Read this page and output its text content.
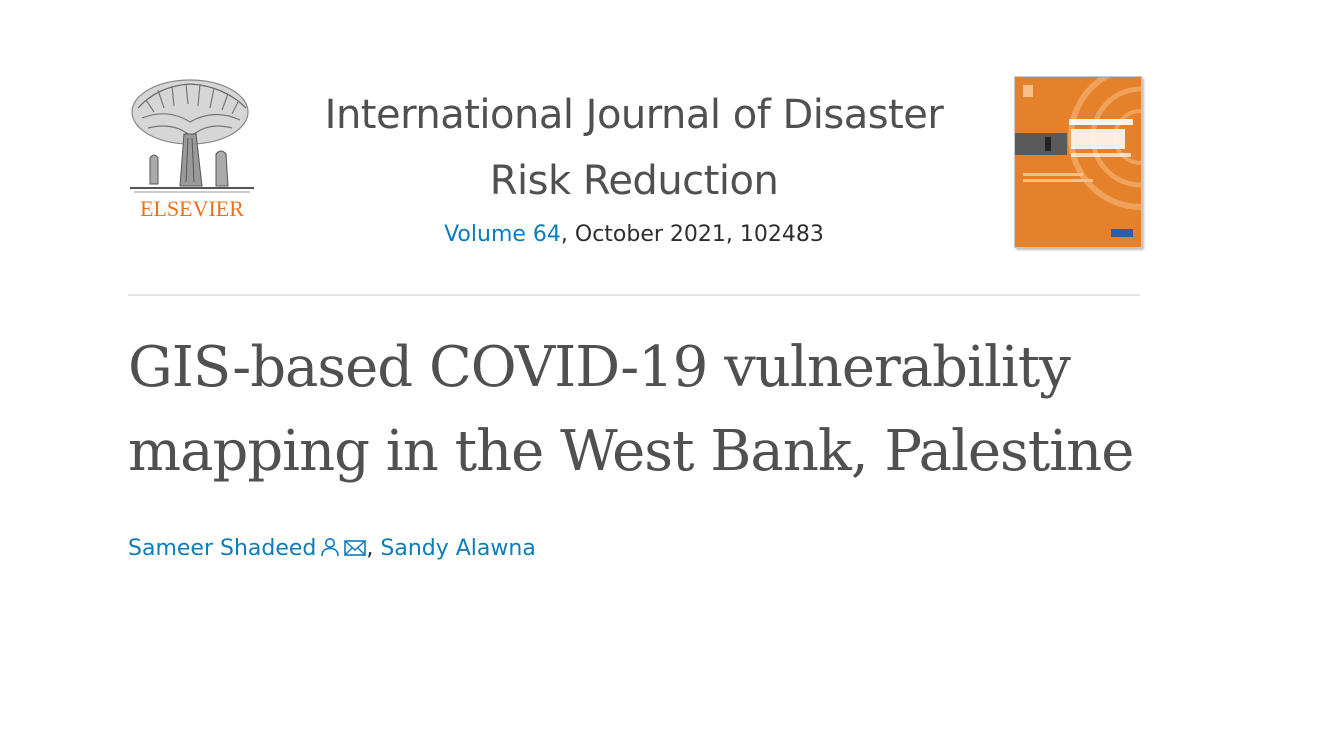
ELSEVIER
International Journal of Disaster
Risk Reduction
Volume 64, October 2021, 102483
GIS-based COVID-19 vulnerability
mapping in the West Bank, Palestine
Sameer Shadeed , Sandy Alawna
